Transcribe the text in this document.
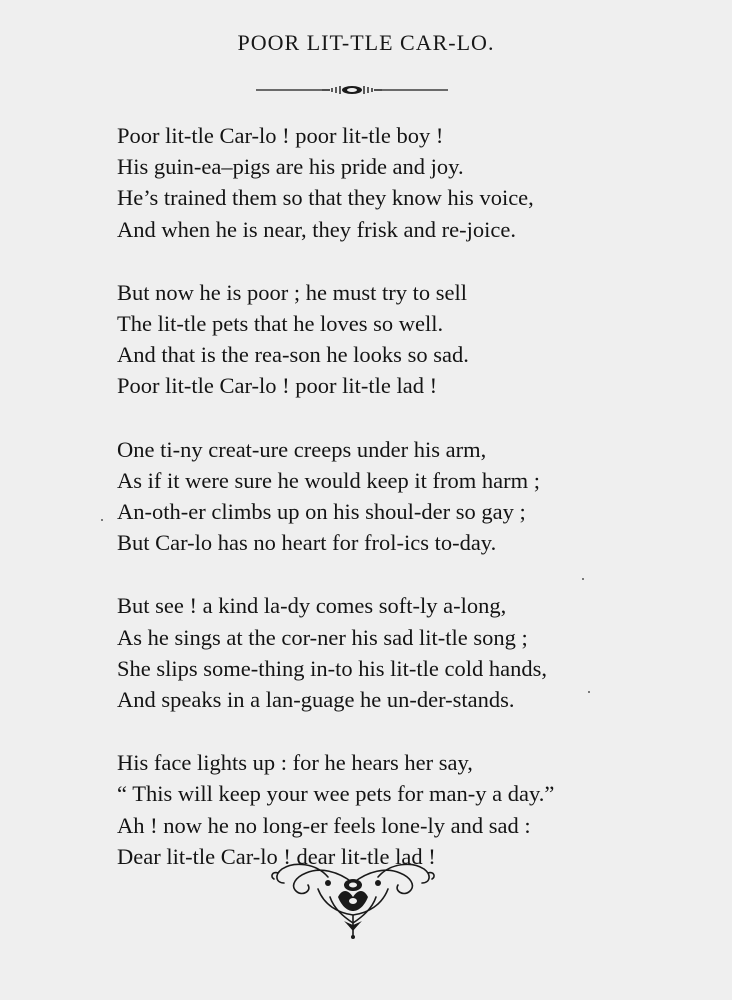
POOR LIT-TLE CAR-LO.
Poor lit-tle Car-lo ! poor lit-tle boy !
His guin-ea–pigs are his pride and joy.
He’s trained them so that they know his voice,
And when he is near, they frisk and re-joice.
But now he is poor ; he must try to sell
The lit-tle pets that he loves so well.
And that is the rea-son he looks so sad.
Poor lit-tle Car-lo ! poor lit-tle lad !
One ti-ny creat-ure creeps under his arm,
As if it were sure he would keep it from harm ;
An-oth-er climbs up on his shoul-der so gay ;
But Car-lo has no heart for frol-ics to-day.
But see ! a kind la-dy comes soft-ly a-long,
As he sings at the cor-ner his sad lit-tle song ;
She slips some-thing in-to his lit-tle cold hands,
And speaks in a lan-guage he un-der-stands.
His face lights up : for he hears her say,
“ This will keep your wee pets for man-y a day.”
Ah ! now he no long-er feels lone-ly and sad :
Dear lit-tle Car-lo ! dear lit-tle lad !
